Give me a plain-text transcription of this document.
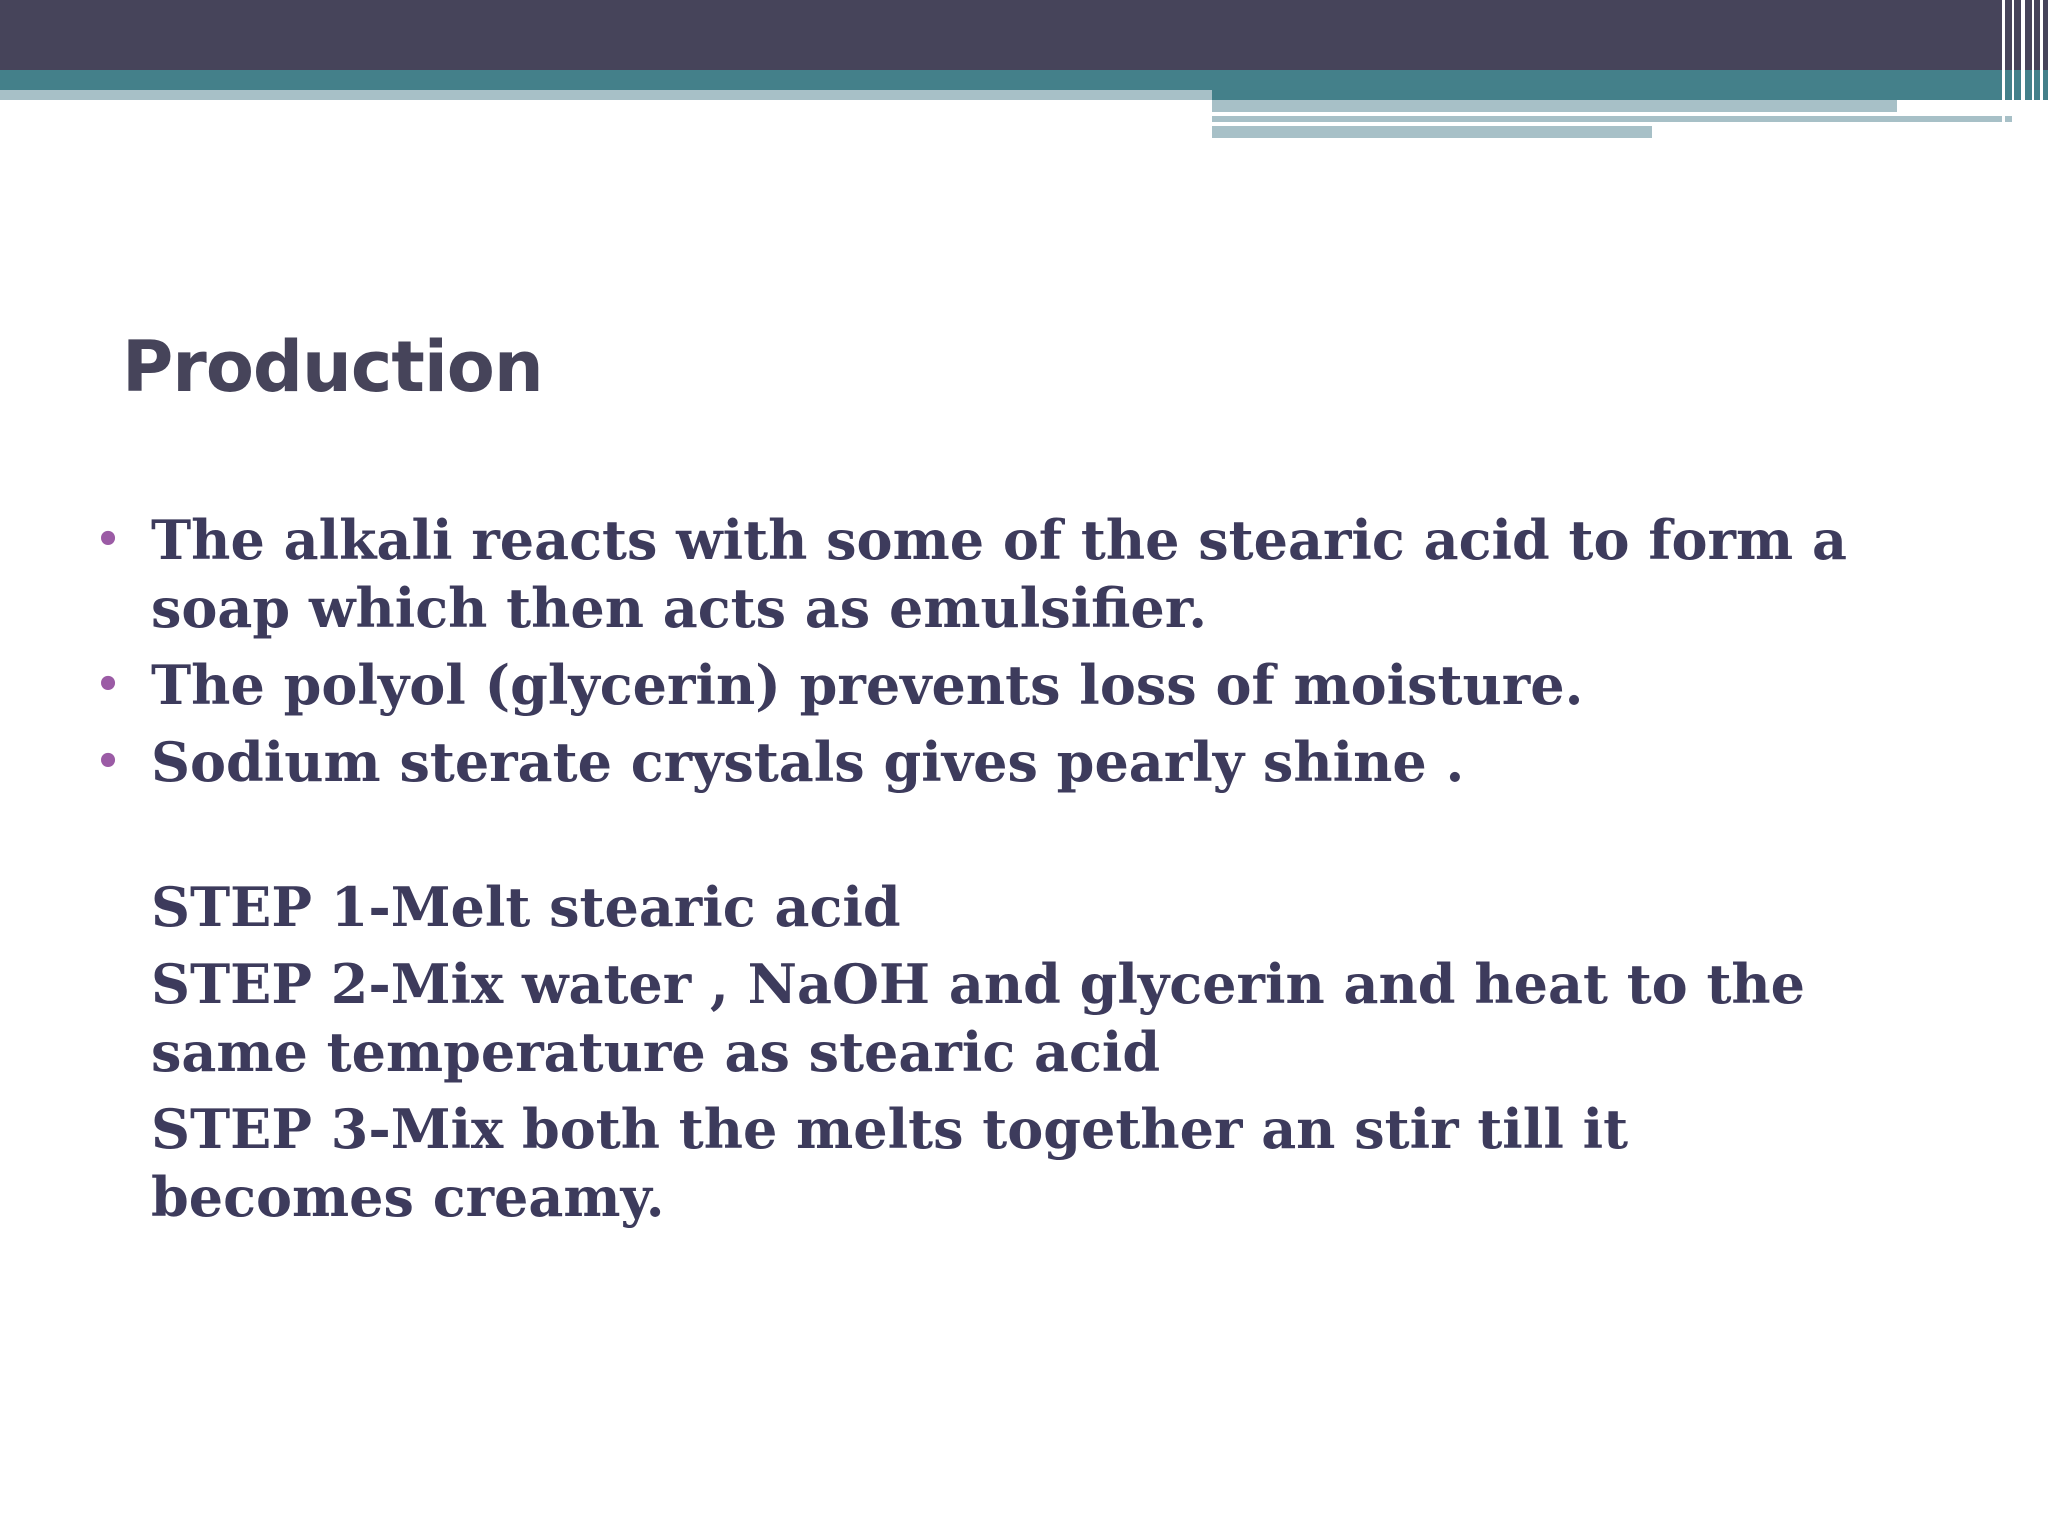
Production
• The alkali reacts with some of the stearic acid to form a soap which then acts as emulsifier.
• The polyol (glycerin) prevents loss of moisture.
• Sodium sterate crystals gives pearly shine .

STEP 1-Melt stearic acid

STEP 2-Mix water , NaOH and glycerin and heat to the same temperature as stearic acid

STEP 3-Mix both the melts together an stir till it becomes creamy.
